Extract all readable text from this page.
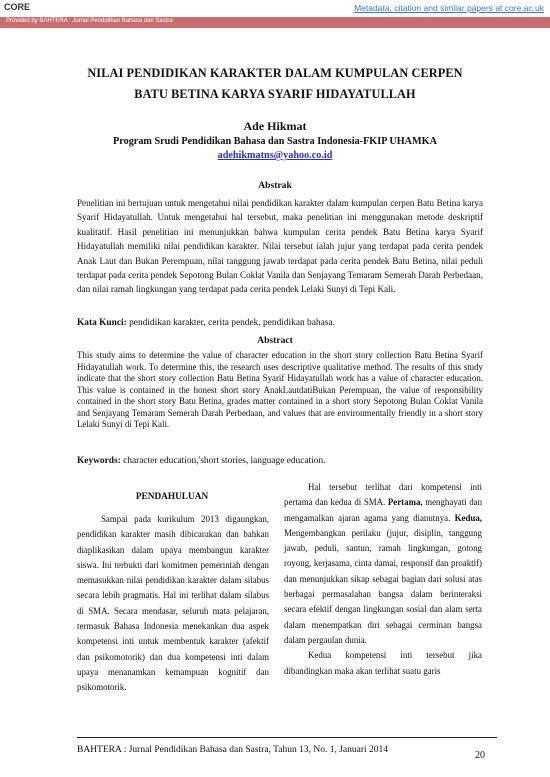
CORE	Metadata, citation and similar papers at core.ac.uk
Provided by BAHTERA : Jurnal Pendidikan Bahasa dan Sastra
NILAI PENDIDIKAN KARAKTER DALAM KUMPULAN CERPEN
BATU BETINA KARYA SYARIF HIDAYATULLAH
Ade Hikmat
Program Srudi Pendidikan Bahasa dan Sastra Indonesia-FKIP UHAMKA
adehikmatns@yahoo.co.id
Abstrak
Penelitian ini bertujuan untuk mengetahui nilai pendidikan karakter dalam kumpulan cerpen Batu Betina karya Syarif Hidayatullah. Untuk mengetahui hal tersebut, maka penelitian ini menggunakan metode deskriptif kualitatif. Hasil penelitian ini menunjukkan bahwa kumpulan cerita pendek Batu Betina karya Syarif Hidayatullah memiliki nilai pendidikan karakter. Nilai tersebut ialah jujur yang terdapat pada cerita pendek Anak Laut dan Bukan Perempuan, nilai tanggung jawab terdapat pada cerita pendek Batu Betina, nilai peduli terdapat pada cerita pendek Sepotong Bulan Coklat Vanila dan Senjayang Temaram Semerah Darah Perbedaan, dan nilai ramah lingkungan yang terdapat pada cerita pendek Lelaki Sunyi di Tepi Kali.
Kata Kunci: pendidikan karakter, cerita pendek, pendidikan bahasa.
Abstract
This study aims to determine the value of character education in the short story collection Batu Betina Syarif Hidayatullah work. To determine this, the research uses descriptive qualitative method. The results of this study indicate that the short story collection Batu Betina Syarif Hidayatullah work has a value of character education. This value is contained in the honest short story AnakLautdatiBukan Perempuan, the value of responsibility contained in the short story Batu Betina, grades matter contained in a short story Sepotong Bulan Coklat Vanila and Senjayang Temaram Semerah Darah Perbedaan, and values that are environmentally friendly in a short story Lelaki Sunyi di Tepi Kali.
Keywords: character education,'short stories, language education.
PENDAHULUAN

Sampai pada kurikulum 2013 digaungkan, pendidikan karakter masih dibicarakan dan bahkan diaplikasikan dalam upaya membangun karakter siswa. Ini terbukti dari komitmen pemerintah dengan memasukkan nilai pendidikan karakter dalam silabus secara lebih pragmatis. Hal ini terlihat dalam silabus di SMA. Secara mendasar, seluruh mata pelajaran, termasuk Bahasa Indonesia menekankan dua aspek kompetensi inti untuk membentuk karakter (afektif dan psikomotorik) dan dua kompetensi inti dalam upaya menanamkan kemampuan kognitif dan psikomotorik.

Hal tersebut terlihat dari kompetensi inti pertama dan kedua di SMA. Pertama, menghayati dan mengamalkan ajaran agama yang dianutnya. Kedua, Mengembangkan perilaku (jujur, disiplin, tanggung jawab, peduli, santun, ramah lingkungan, gotong royong, kerjasama, cinta damai, responsif dan proaktif) dan menunjukkan sikap sebagai bagian dari solusi atas berbagai permasalahan bangsa dalam berinteraksi secara efektif dengan lingkungan sosial dan alam serta dalam menempatkan diri sebagai cerminan bangsa dalam pergaulan dunia.

Kedua kompetensi inti tersebut jika dibandingkan maka akan terlihat suatu garis

BAHTERA : Jurnal Pendidikan Bahasa dan Sastra, Tahun 13, No. 1, Januari 2014	20
